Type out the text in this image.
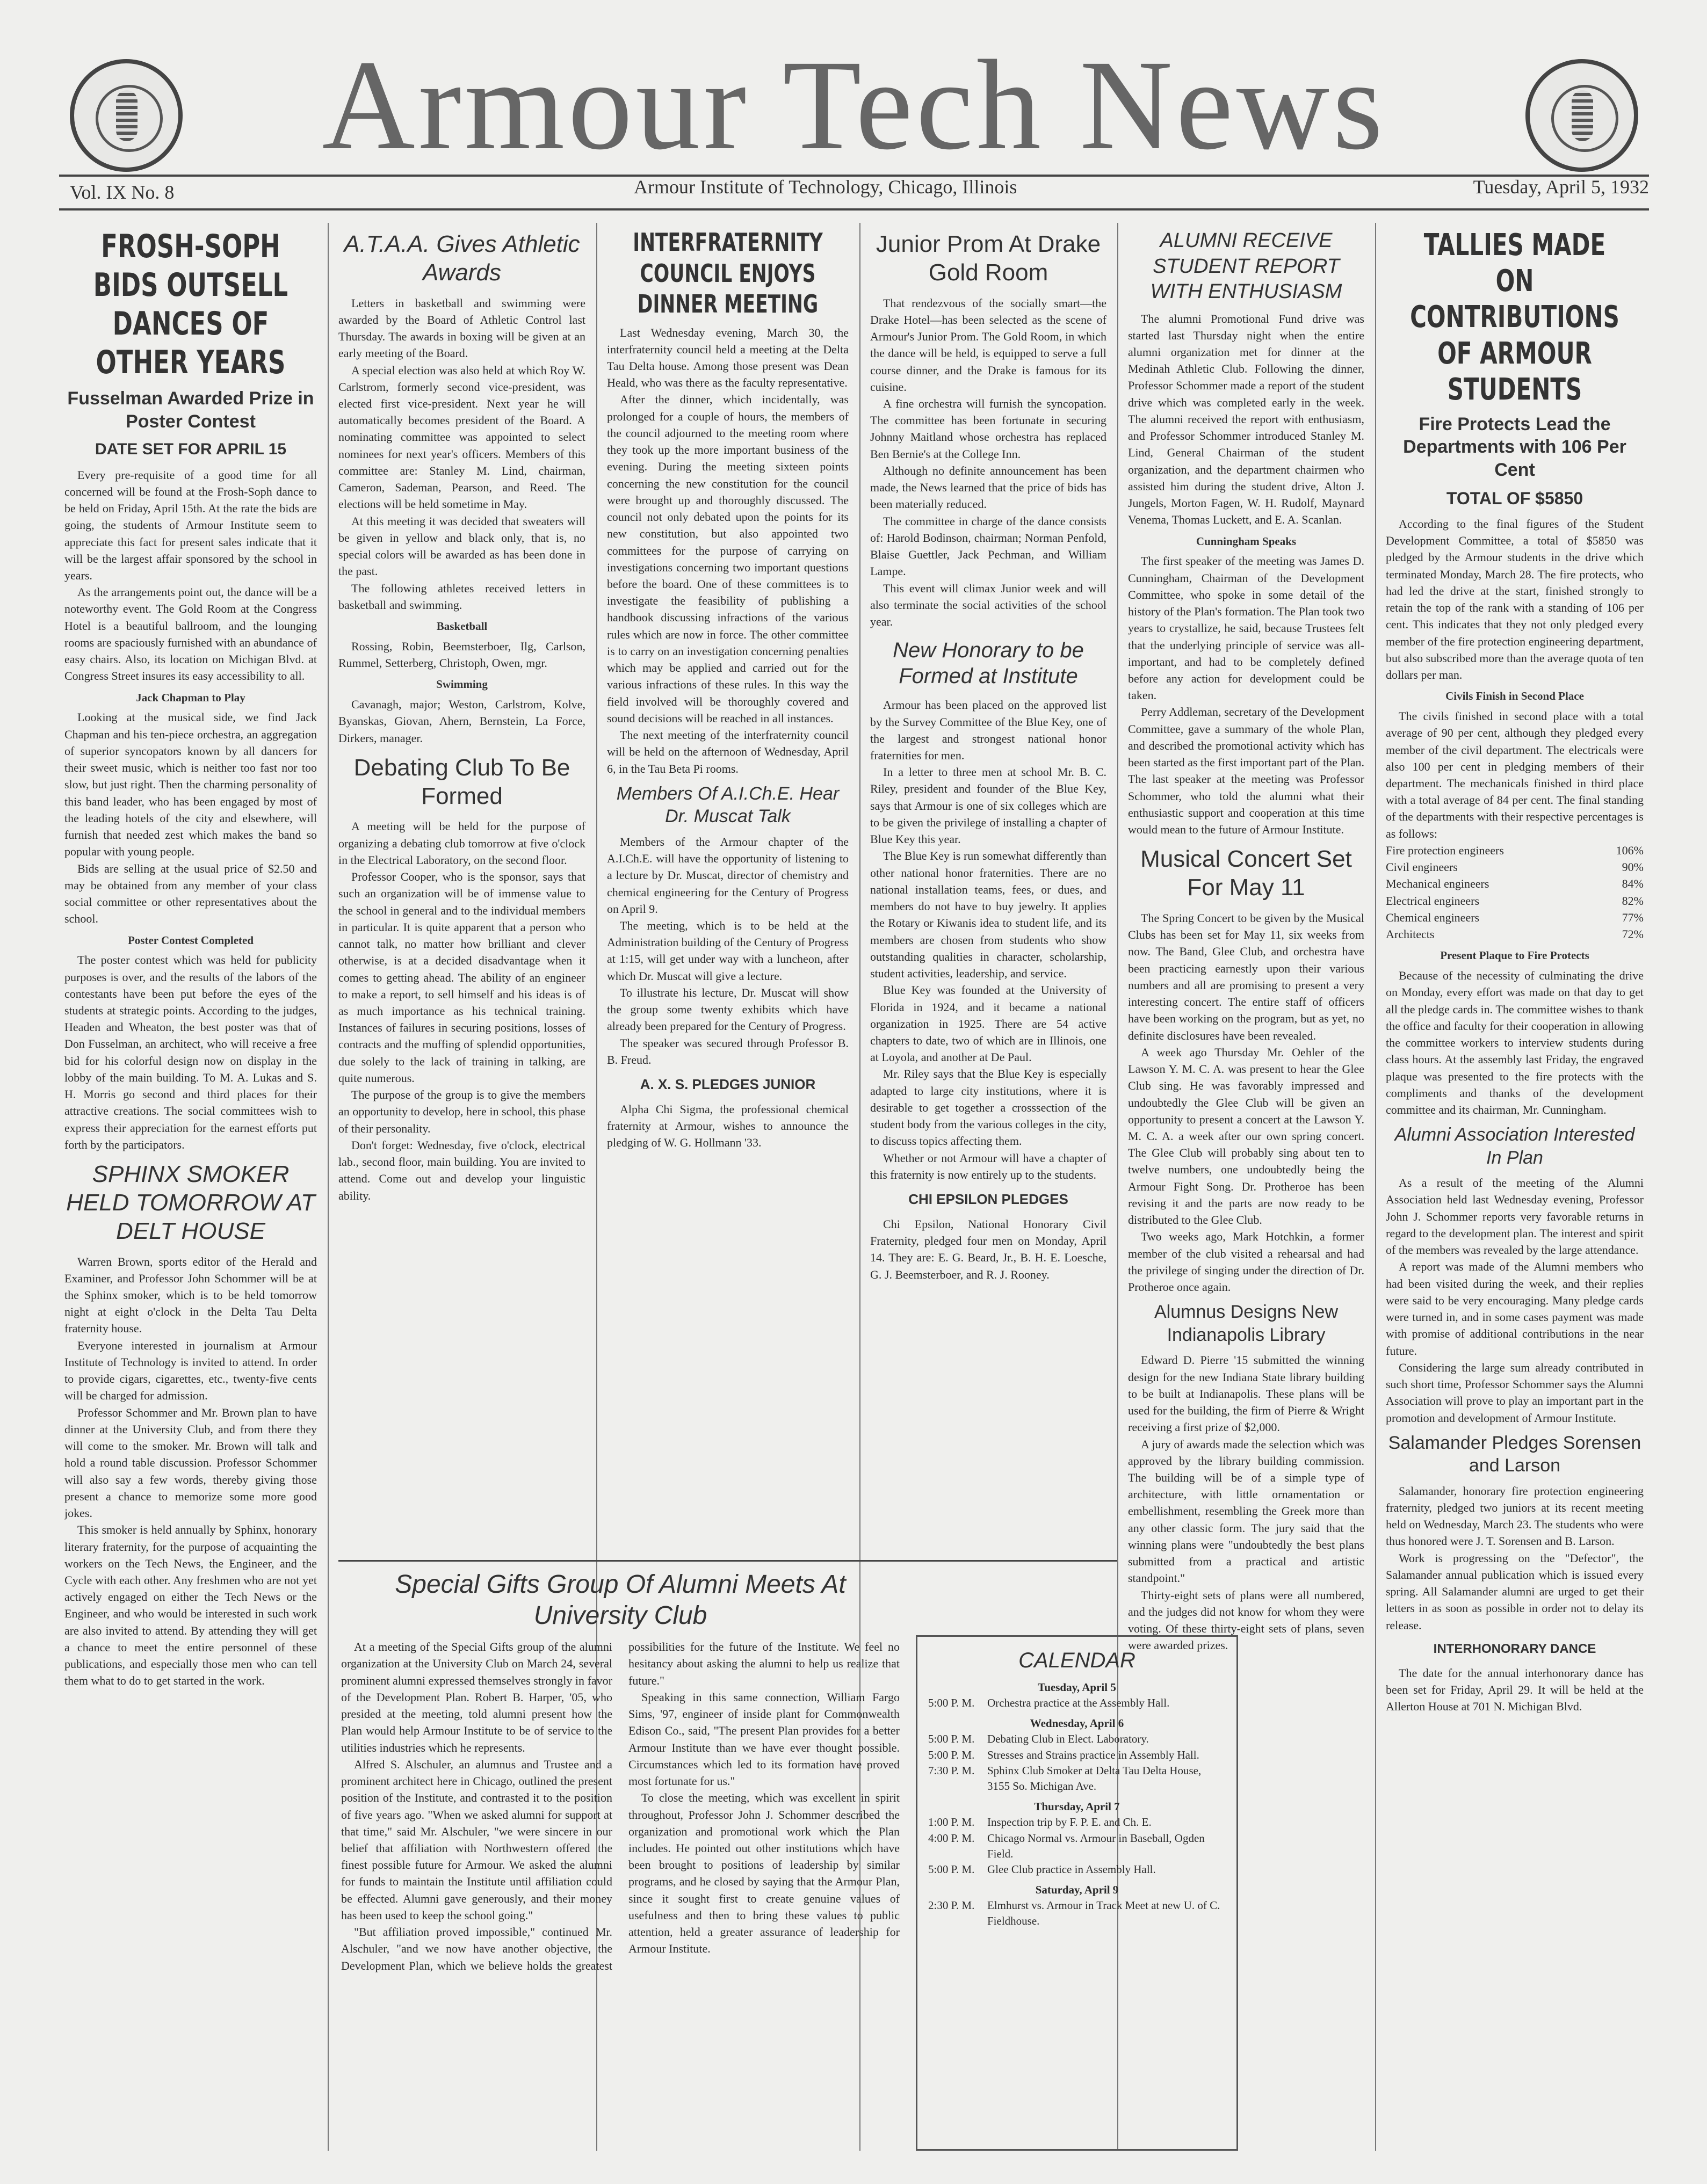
Armour Tech News
Vol. IX No. 8	Armour Institute of Technology, Chicago, Illinois	Tuesday, April 5, 1932
FROSH-SOPH BIDS OUTSELL DANCES OF OTHER YEARS
Fusselman Awarded Prize in Poster Contest
DATE SET FOR APRIL 15

Every pre-requisite of a good time for all concerned will be found at the Frosh-Soph dance to be held on Friday, April 15th. At the rate the bids are going, the students of Armour Institute seem to appreciate this fact for present sales indicate that it will be the largest affair sponsored by the school in years.

As the arrangements point out, the dance will be a noteworthy event. The Gold Room at the Congress Hotel is a beautiful ballroom, and the lounging rooms are spaciously furnished with an abundance of easy chairs. Also, its location on Michigan Blvd. at Congress Street insures its easy accessibility to all.

Jack Chapman to Play

Looking at the musical side, we find Jack Chapman and his ten-piece orchestra, an aggregation of superior syncopators known by all dancers for their sweet music, which is neither too fast nor too slow, but just right. Then the charming personality of this band leader, who has been engaged by most of the leading hotels of the city and elsewhere, will furnish that needed zest which makes the band so popular with young people.

Bids are selling at the usual price of $2.50 and may be obtained from any member of your class social committee or other representatives about the school.

Poster Contest Completed

The poster contest which was held for publicity purposes is over, and the results of the labors of the contestants have been put before the eyes of the students at strategic points. According to the judges, Headen and Wheaton, the best poster was that of Don Fusselman, an architect, who will receive a free bid for his colorful design now on display in the lobby of the main building. To M. A. Lukas and S. H. Morris go second and third places for their attractive creations. The social committees wish to express their appreciation for the earnest efforts put forth by the participators.

SPHINX SMOKER HELD TOMORROW AT DELT HOUSE

Warren Brown, sports editor of the Herald and Examiner, and Professor John Schommer will be at the Sphinx smoker, which is to be held tomorrow night at eight o'clock in the Delta Tau Delta fraternity house.

Everyone interested in journalism at Armour Institute of Technology is invited to attend. In order to provide cigars, cigarettes, etc., twenty-five cents will be charged for admission.

Professor Schommer and Mr. Brown plan to have dinner at the University Club, and from there they will come to the smoker. Mr. Brown will talk and hold a round table discussion. Professor Schommer will also say a few words, thereby giving those present a chance to memorize some more good jokes.

This smoker is held annually by Sphinx, honorary literary fraternity, for the purpose of acquainting the workers on the Tech News, the Engineer, and the Cycle with each other. Any freshmen who are not yet actively engaged on either the Tech News or the Engineer, and who would be interested in such work are also invited to attend. By attending they will get a chance to meet the entire personnel of these publications, and especially those men who can tell them what to do to get started in the work.

A.T.A.A. Gives Athletic Awards

Letters in basketball and swimming were awarded by the Board of Athletic Control last Thursday. The awards in boxing will be given at an early meeting of the Board.

A special election was also held at which Roy W. Carlstrom, formerly second vice-president, was elected first vice-president. Next year he will automatically becomes president of the Board. A nominating committee was appointed to select nominees for next year's officers. Members of this committee are: Stanley M. Lind, chairman, Cameron, Sademan, Pearson, and Reed. The elections will be held sometime in May.

At this meeting it was decided that sweaters will be given in yellow and black only, that is, no special colors will be awarded as has been done in the past.

The following athletes received letters in basketball and swimming.

Basketball

Rossing, Robin, Beemsterboer, Ilg, Carlson, Rummel, Setterberg, Christoph, Owen, mgr.

Swimming

Cavanagh, major; Weston, Carlstrom, Kolve, Byanskas, Giovan, Ahern, Bernstein, La Force, Dirkers, manager.

Debating Club To Be Formed

A meeting will be held for the purpose of organizing a debating club tomorrow at five o'clock in the Electrical Laboratory, on the second floor.

Professor Cooper, who is the sponsor, says that such an organization will be of immense value to the school in general and to the individual members in particular. It is quite apparent that a person who cannot talk, no matter how brilliant and clever otherwise, is at a decided disadvantage when it comes to getting ahead. The ability of an engineer to make a report, to sell himself and his ideas is of as much importance as his technical training. Instances of failures in securing positions, losses of contracts and the muffing of splendid opportunities, due solely to the lack of training in talking, are quite numerous.

The purpose of the group is to give the members an opportunity to develop, here in school, this phase of their personality.

Don't forget: Wednesday, five o'clock, electrical lab., second floor, main building. You are invited to attend. Come out and develop your linguistic ability.

INTERFRATERNITY COUNCIL ENJOYS DINNER MEETING

Last Wednesday evening, March 30, the interfraternity council held a meeting at the Delta Tau Delta house. Among those present was Dean Heald, who was there as the faculty representative.

After the dinner, which incidentally, was prolonged for a couple of hours, the members of the council adjourned to the meeting room where they took up the more important business of the evening. During the meeting sixteen points concerning the new constitution for the council were brought up and thoroughly discussed. The council not only debated upon the points for its new constitution, but also appointed two committees for the purpose of carrying on investigations concerning two important questions before the board. One of these committees is to investigate the feasibility of publishing a handbook discussing infractions of the various rules which are now in force. The other committee is to carry on an investigation concerning penalties which may be applied and carried out for the various infractions of these rules. In this way the field involved will be thoroughly covered and sound decisions will be reached in all instances.

The next meeting of the interfraternity council will be held on the afternoon of Wednesday, April 6, in the Tau Beta Pi rooms.

Members Of A.I.Ch.E. Hear Dr. Muscat Talk

Members of the Armour chapter of the A.I.Ch.E. will have the opportunity of listening to a lecture by Dr. Muscat, director of chemistry and chemical engineering for the Century of Progress on April 9.

The meeting, which is to be held at the Administration building of the Century of Progress at 1:15, will get under way with a luncheon, after which Dr. Muscat will give a lecture.

To illustrate his lecture, Dr. Muscat will show the group some twenty exhibits which have already been prepared for the Century of Progress.

The speaker was secured through Professor B. B. Freud.

A. X. S. PLEDGES JUNIOR

Alpha Chi Sigma, the professional chemical fraternity at Armour, wishes to announce the pledging of W. G. Hollmann '33.

Junior Prom At Drake Gold Room

That rendezvous of the socially smart—the Drake Hotel—has been selected as the scene of Armour's Junior Prom. The Gold Room, in which the dance will be held, is equipped to serve a full course dinner, and the Drake is famous for its cuisine.

A fine orchestra will furnish the syncopation. The committee has been fortunate in securing Johnny Maitland whose orchestra has replaced Ben Bernie's at the College Inn.

Although no definite announcement has been made, the News learned that the price of bids has been materially reduced.

The committee in charge of the dance consists of: Harold Bodinson, chairman; Norman Penfold, Blaise Guettler, Jack Pechman, and William Lampe.

This event will climax Junior week and will also terminate the social activities of the school year.

New Honorary to be Formed at Institute

Armour has been placed on the approved list by the Survey Committee of the Blue Key, one of the largest and strongest national honor fraternities for men.

In a letter to three men at school Mr. B. C. Riley, president and founder of the Blue Key, says that Armour is one of six colleges which are to be given the privilege of installing a chapter of Blue Key this year.

The Blue Key is run somewhat differently than other national honor fraternities. There are no national installation teams, fees, or dues, and members do not have to buy jewelry. It applies the Rotary or Kiwanis idea to student life, and its members are chosen from students who show outstanding qualities in character, scholarship, student activities, leadership, and service.

Blue Key was founded at the University of Florida in 1924, and it became a national organization in 1925. There are 54 active chapters to date, two of which are in Illinois, one at Loyola, and another at De Paul.

Mr. Riley says that the Blue Key is especially adapted to large city institutions, where it is desirable to get together a crosssection of the student body from the various colleges in the city, to discuss topics affecting them.

Whether or not Armour will have a chapter of this fraternity is now entirely up to the students.

CHI EPSILON PLEDGES

Chi Epsilon, National Honorary Civil Fraternity, pledged four men on Monday, April 14. They are: E. G. Beard, Jr., B. H. E. Loesche, G. J. Beemsterboer, and R. J. Rooney.

Special Gifts Group Of Alumni Meets At University Club

At a meeting of the Special Gifts group of the alumni organization at the University Club on March 24, several prominent alumni expressed themselves strongly in favor of the Development Plan. Robert B. Harper, '05, who presided at the meeting, told alumni present how the Plan would help Armour Institute to be of service to the utilities industries which he represents.

Alfred S. Alschuler, an alumnus and Trustee and a prominent architect here in Chicago, outlined the present position of the Institute, and contrasted it to the position of five years ago. "When we asked alumni for support at that time," said Mr. Alschuler, "we were sincere in our belief that affiliation with Northwestern offered the finest possible future for Armour. We asked the alumni for funds to maintain the Institute until affiliation could be effected. Alumni gave generously, and their money has been used to keep the school going."

"But affiliation proved impossible," continued Mr. Alschuler, "and we now have another objective, the Development Plan, which we believe holds the greatest possibilities for the future of the Institute. We feel no hesitancy about asking the alumni to help us realize that future."

Speaking in this same connection, William Fargo Sims, '97, engineer of inside plant for Commonwealth Edison Co., said, "The present Plan provides for a better Armour Institute than we have ever thought possible. Circumstances which led to its formation have proved most fortunate for us."

To close the meeting, which was excellent in spirit throughout, Professor John J. Schommer described the organization and promotional work which the Plan includes. He pointed out other institutions which have been brought to positions of leadership by similar programs, and he closed by saying that the Armour Plan, since it sought first to create genuine values of usefulness and then to bring these values to public attention, held a greater assurance of leadership for Armour Institute.

CALENDAR
Tuesday, April 5
5:00 P. M.	Orchestra practice at the Assembly Hall.
Wednesday, April 6
5:00 P. M.	Debating Club in Elect. Laboratory.
5:00 P. M.	Stresses and Strains practice in Assembly Hall.
7:30 P. M.	Sphinx Club Smoker at Delta Tau Delta House, 3155 So. Michigan Ave.
Thursday, April 7
1:00 P. M.	Inspection trip by F. P. E. and Ch. E.
4:00 P. M.	Chicago Normal vs. Armour in Baseball, Ogden Field.
5:00 P. M.	Glee Club practice in Assembly Hall.
Saturday, April 9
2:30 P. M.	Elmhurst vs. Armour in Track Meet at new U. of C. Fieldhouse.
ALUMNI RECEIVE STUDENT REPORT WITH ENTHUSIASM

The alumni Promotional Fund drive was started last Thursday night when the entire alumni organization met for dinner at the Medinah Athletic Club. Following the dinner, Professor Schommer made a report of the student drive which was completed early in the week. The alumni received the report with enthusiasm, and Professor Schommer introduced Stanley M. Lind, General Chairman of the student organization, and the department chairmen who assisted him during the student drive, Alton J. Jungels, Morton Fagen, W. H. Rudolf, Maynard Venema, Thomas Luckett, and E. A. Scanlan.

Cunningham Speaks

The first speaker of the meeting was James D. Cunningham, Chairman of the Development Committee, who spoke in some detail of the history of the Plan's formation. The Plan took two years to crystallize, he said, because Trustees felt that the underlying principle of service was all-important, and had to be completely defined before any action for development could be taken.

Perry Addleman, secretary of the Development Committee, gave a summary of the whole Plan, and described the promotional activity which has been started as the first important part of the Plan. The last speaker at the meeting was Professor Schommer, who told the alumni what their enthusiastic support and cooperation at this time would mean to the future of Armour Institute.

Musical Concert Set For May 11

The Spring Concert to be given by the Musical Clubs has been set for May 11, six weeks from now. The Band, Glee Club, and orchestra have been practicing earnestly upon their various numbers and all are promising to present a very interesting concert. The entire staff of officers have been working on the program, but as yet, no definite disclosures have been revealed.

A week ago Thursday Mr. Oehler of the Lawson Y. M. C. A. was present to hear the Glee Club sing. He was favorably impressed and undoubtedly the Glee Club will be given an opportunity to present a concert at the Lawson Y. M. C. A. a week after our own spring concert. The Glee Club will probably sing about ten to twelve numbers, one undoubtedly being the Armour Fight Song. Dr. Protheroe has been revising it and the parts are now ready to be distributed to the Glee Club.

Two weeks ago, Mark Hotchkin, a former member of the club visited a rehearsal and had the privilege of singing under the direction of Dr. Protheroe once again.

Alumnus Designs New Indianapolis Library

Edward D. Pierre '15 submitted the winning design for the new Indiana State library building to be built at Indianapolis. These plans will be used for the building, the firm of Pierre & Wright receiving a first prize of $2,000.

A jury of awards made the selection which was approved by the library building commission. The building will be of a simple type of architecture, with little ornamentation or embellishment, resembling the Greek more than any other classic form. The jury said that the winning plans were "undoubtedly the best plans submitted from a practical and artistic standpoint."

Thirty-eight sets of plans were all numbered, and the judges did not know for whom they were voting. Of these thirty-eight sets of plans, seven were awarded prizes.

TALLIES MADE ON CONTRIBUTIONS OF ARMOUR STUDENTS
Fire Protects Lead the Departments with 106 Per Cent
TOTAL OF $5850

According to the final figures of the Student Development Committee, a total of $5850 was pledged by the Armour students in the drive which terminated Monday, March 28. The fire protects, who had led the drive at the start, finished strongly to retain the top of the rank with a standing of 106 per cent. This indicates that they not only pledged every member of the fire protection engineering department, but also subscribed more than the average quota of ten dollars per man.

Civils Finish in Second Place

The civils finished in second place with a total average of 90 per cent, although they pledged every member of the civil department. The electricals were also 100 per cent in pledging members of their department. The mechanicals finished in third place with a total average of 84 per cent. The final standing of the departments with their respective percentages is as follows:

Fire protection engineers	106%
Civil engineers	90%
Mechanical engineers	84%
Electrical engineers	82%
Chemical engineers	77%
Architects	72%
Present Plaque to Fire Protects

Because of the necessity of culminating the drive on Monday, every effort was made on that day to get all the pledge cards in. The committee wishes to thank the office and faculty for their cooperation in allowing the committee workers to interview students during class hours. At the assembly last Friday, the engraved plaque was presented to the fire protects with the compliments and thanks of the development committee and its chairman, Mr. Cunningham.

Alumni Association Interested In Plan

As a result of the meeting of the Alumni Association held last Wednesday evening, Professor John J. Schommer reports very favorable returns in regard to the development plan. The interest and spirit of the members was revealed by the large attendance.

A report was made of the Alumni members who had been visited during the week, and their replies were said to be very encouraging. Many pledge cards were turned in, and in some cases payment was made with promise of additional contributions in the near future.

Considering the large sum already contributed in such short time, Professor Schommer says the Alumni Association will prove to play an important part in the promotion and development of Armour Institute.

Salamander Pledges Sorensen and Larson

Salamander, honorary fire protection engineering fraternity, pledged two juniors at its recent meeting held on Wednesday, March 23. The students who were thus honored were J. T. Sorensen and B. Larson.

Work is progressing on the "Defector", the Salamander annual publication which is issued every spring. All Salamander alumni are urged to get their letters in as soon as possible in order not to delay its release.

INTERHONORARY DANCE

The date for the annual interhonorary dance has been set for Friday, April 29. It will be held at the Allerton House at 701 N. Michigan Blvd.
